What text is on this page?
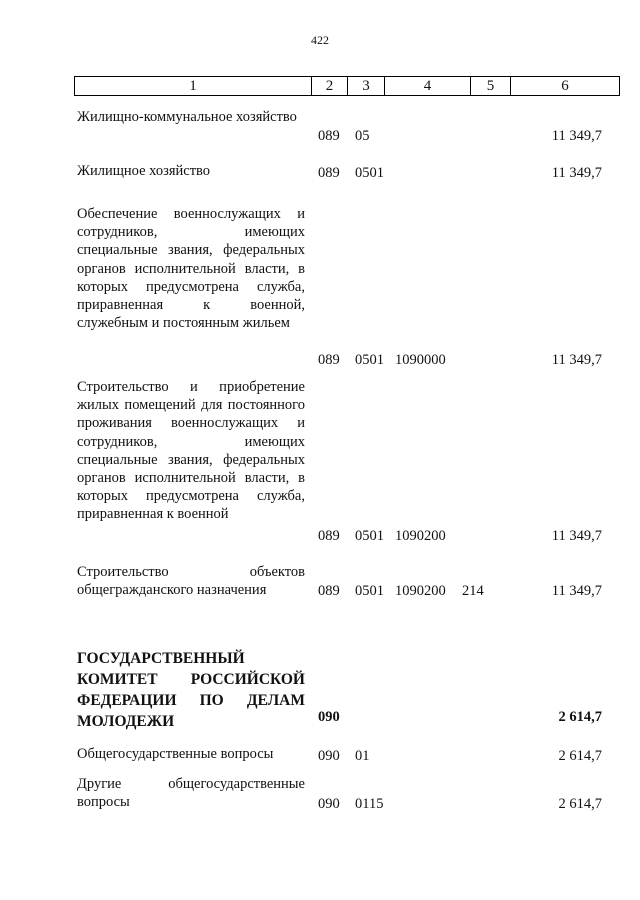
422
1	2	3	4	5	6
Жилищно-коммунальное хозяйство
089 05	11 349,7
Жилищное хозяйство	089 0501	11 349,7
Обеспечение военнослужащих и сотрудников, имеющих специальные звания, федеральных органов исполнительной власти, в которых предусмотрена служба, приравненная к военной, служебным и постоянным жильем
089 0501 1090000	11 349,7
Строительство и приобретение жилых помещений для постоянного проживания военнослужащих и сотрудников, имеющих специальные звания, федеральных органов исполнительной власти, в которых предусмотрена служба, приравненная к военной
089 0501 1090200	11 349,7
Строительство объектов общегражданского назначения	089 0501 1090200 214	11 349,7
ГОСУДАРСТВЕННЫЙ КОМИТЕТ РОССИЙСКОЙ ФЕДЕРАЦИИ ПО ДЕЛАМ МОЛОДЕЖИ	090	2 614,7
Общегосударственные вопросы	090 01	2 614,7
Другие общегосударственные вопросы	090 0115	2 614,7
